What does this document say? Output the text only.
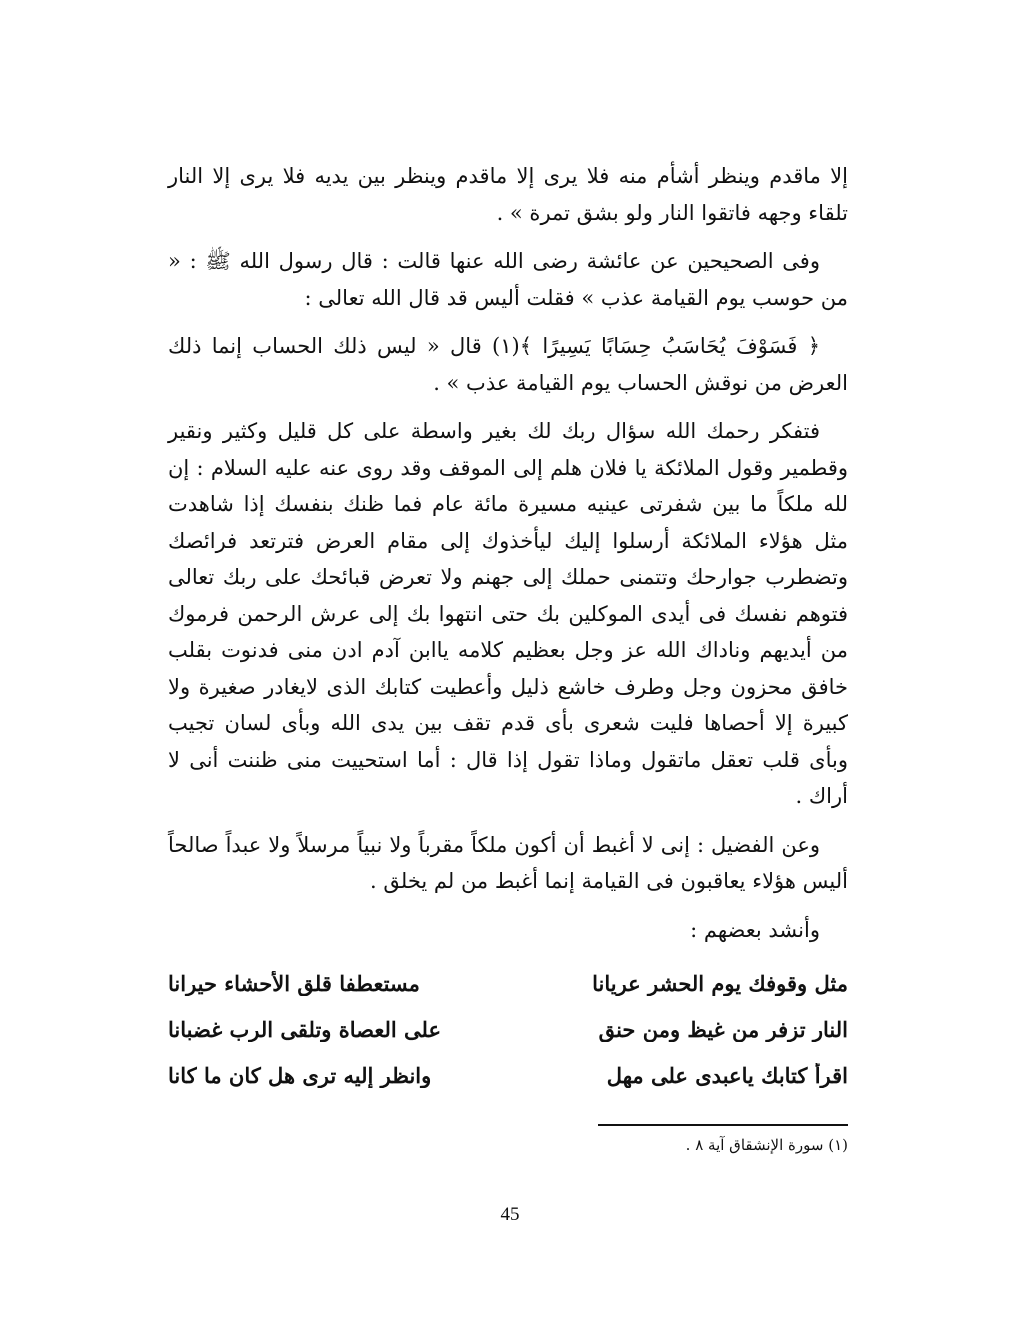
إلا ماقدم وينظر أشأم منه فلا يرى إلا ماقدم وينظر بين يديه فلا يرى إلا النار تلقاء وجهه فاتقوا النار ولو بشق تمرة » .

وفى الصحيحين عن عائشة رضى الله عنها قالت : قال رسول الله ﷺ : « من حوسب يوم القيامة عذب » فقلت أليس قد قال الله تعالى :

﴿ فَسَوْفَ يُحَاسَبُ حِسَابًا يَسِيرًا ﴾(١) قال « ليس ذلك الحساب إنما ذلك العرض من نوقش الحساب يوم القيامة عذب » .

فتفكر رحمك الله سؤال ربك لك بغير واسطة على كل قليل وكثير ونقير وقطمير وقول الملائكة يا فلان هلم إلى الموقف وقد روى عنه عليه السلام : إن لله ملكاً ما بين شفرتى عينيه مسيرة مائة عام فما ظنك بنفسك إذا شاهدت مثل هؤلاء الملائكة أرسلوا إليك ليأخذوك إلى مقام العرض فترتعد فرائصك وتضطرب جوارحك وتتمنى حملك إلى جهنم ولا تعرض قبائحك على ربك تعالى فتوهم نفسك فى أيدى الموكلين بك حتى انتهوا بك إلى عرش الرحمن فرموك من أيديهم وناداك الله عز وجل بعظيم كلامه ياابن آدم ادن منى فدنوت بقلب خافق محزون وجل وطرف خاشع ذليل وأعطيت كتابك الذى لايغادر صغيرة ولا كبيرة إلا أحصاها فليت شعرى بأى قدم تقف بين يدى الله وبأى لسان تجيب وبأى قلب تعقل ماتقول وماذا تقول إذا قال : أما استحييت منى ظننت أنى لا أراك .

وعن الفضيل : إنى لا أغبط أن أكون ملكاً مقرباً ولا نبياً مرسلاً ولا عبداً صالحاً أليس هؤلاء يعاقبون فى القيامة إنما أغبط من لم يخلق .

وأنشد بعضهم :

مثل وقوفك يوم الحشر عريانا
مستعطفا قلق الأحشاء حيرانا
النار تزفر من غيظ ومن حنق
على العصاة وتلقى الرب غضبانا
اقرأ كتابك ياعبدى على مهل
وانظر إليه ترى هل كان ما كانا
(١) سورة الإنشقاق آية ٨ .
45
